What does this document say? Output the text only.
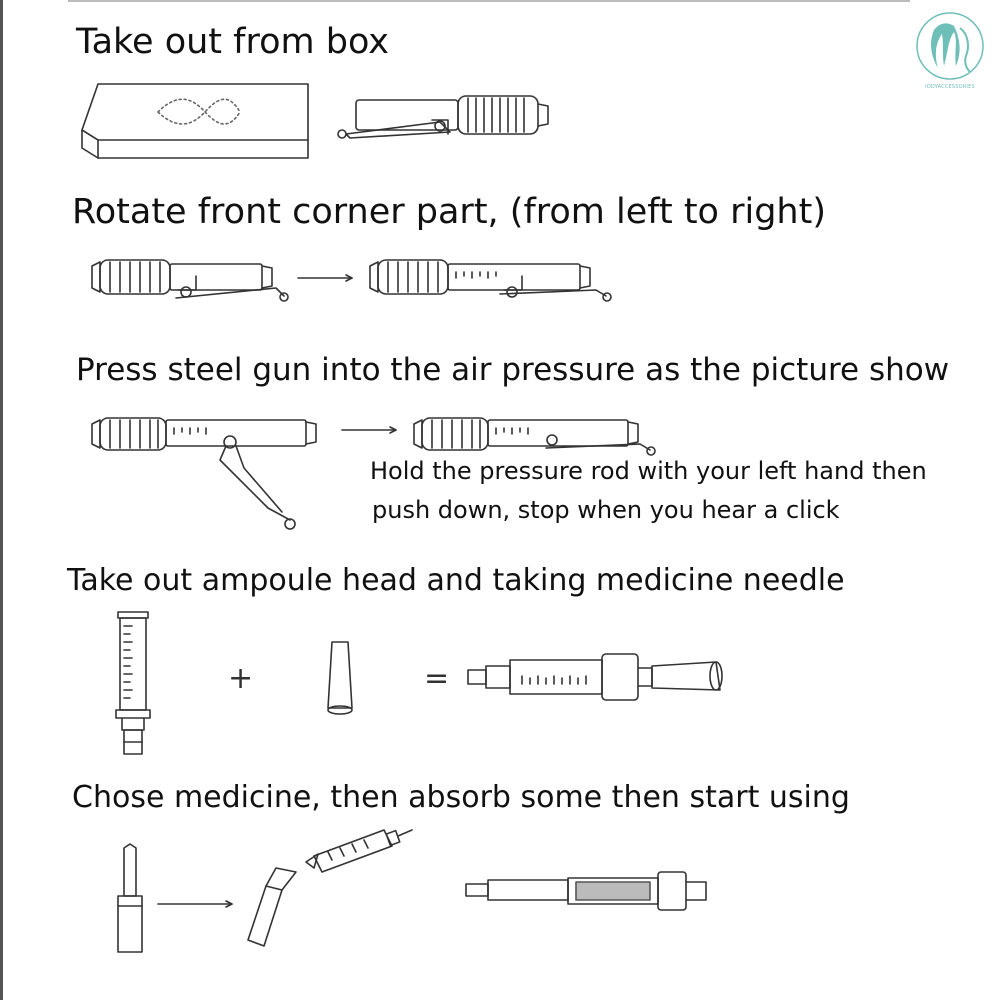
IODYACCESSORIES
Take out from box
Rotate front corner part, (from left to right)
Press steel gun into the air pressure as the picture show
Take out ampoule head and taking medicine needle
Chose medicine, then absorb some then start using
Hold the pressure rod with your left hand then
push down, stop when you hear a click
+	=
